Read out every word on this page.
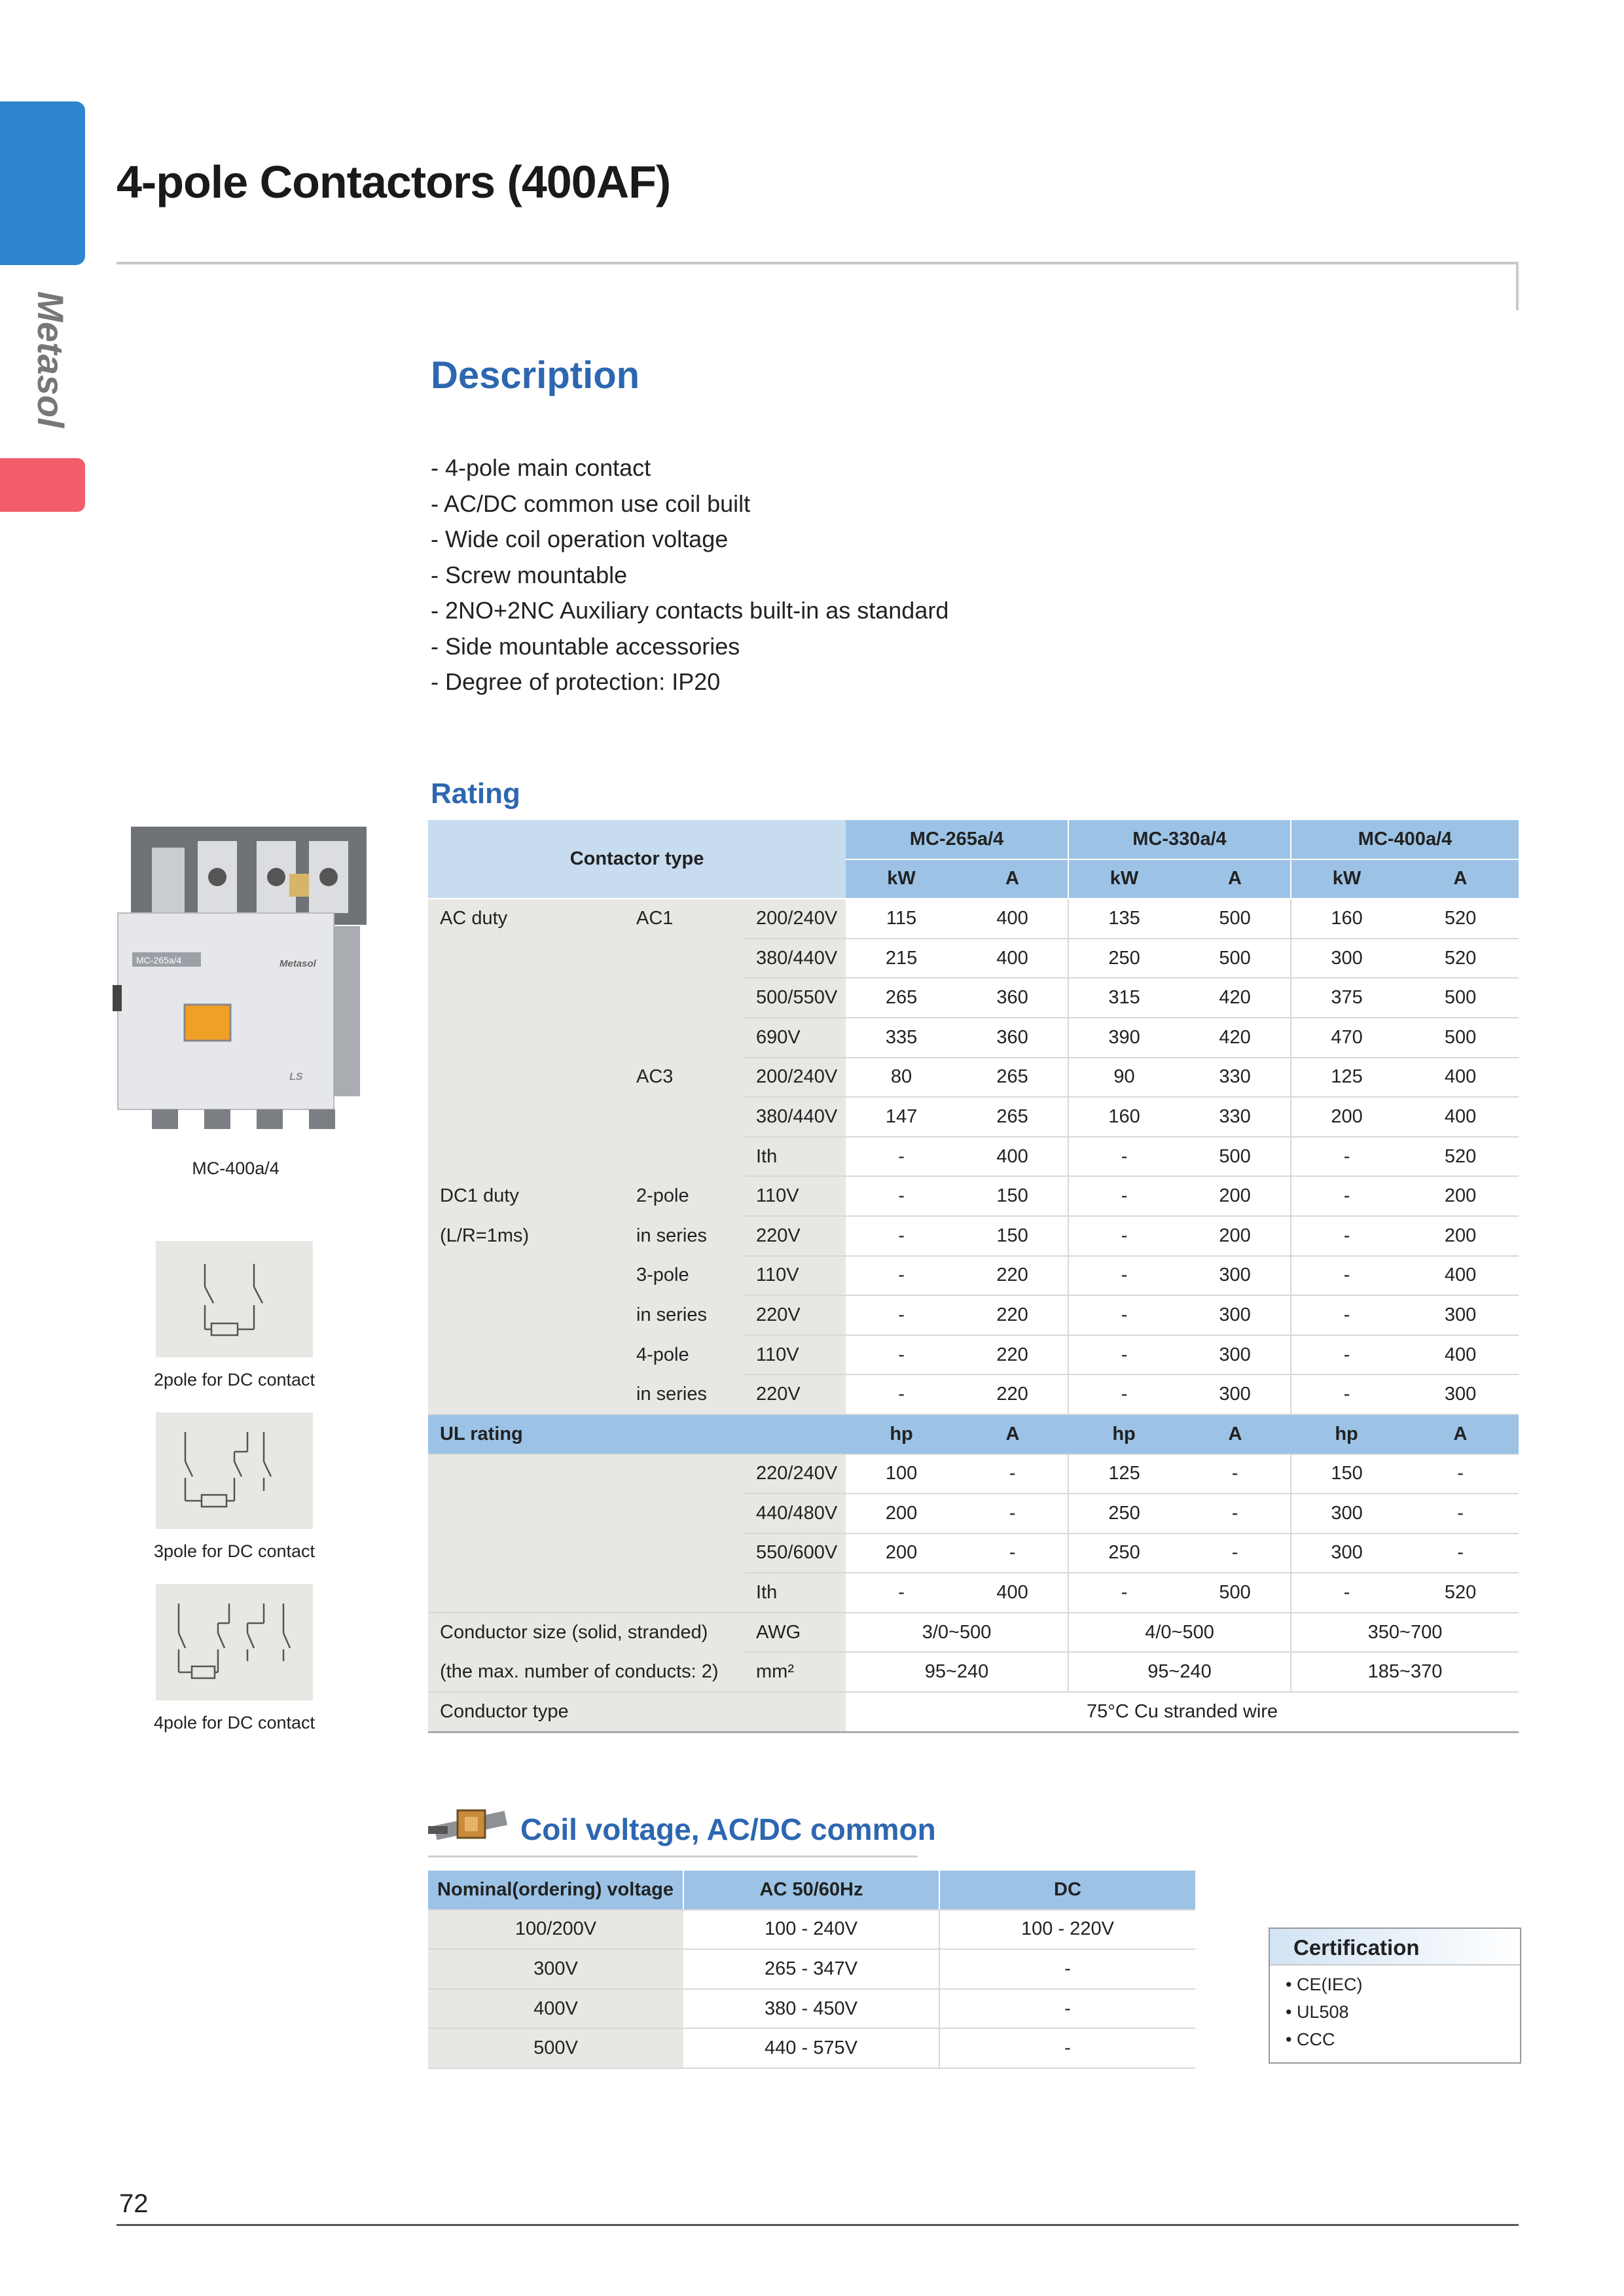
Metasol
4-pole Contactors (400AF)
Description
- 4-pole main contact
- AC/DC common use coil built
- Wide coil operation voltage
- Screw mountable
- 2NO+2NC Auxiliary contacts built-in as standard
- Side mountable accessories
- Degree of protection: IP20
MC-265a/4	Metasol
LS
MC-400a/4
2pole for DC contact
3pole for DC contact
4pole for DC contact
Rating
Contactor type			MC-265a/4		MC-330a/4		MC-400a/4	
			kW	A	kW	A	kW	A
AC duty	AC1	200/240V	115	400	135	500	160	520
		380/440V	215	400	250	500	300	520
		500/550V	265	360	315	420	375	500
		690V	335	360	390	420	470	500
	AC3	200/240V	80	265	90	330	125	400
		380/440V	147	265	160	330	200	400
		Ith	-	400	-	500	-	520
DC1 duty	2-pole	110V	-	150	-	200	-	200
(L/R=1ms)	in series	220V	-	150	-	200	-	200
	3-pole	110V	-	220	-	300	-	400
	in series	220V	-	220	-	300	-	300
	4-pole	110V	-	220	-	300	-	400
	in series	220V	-	220	-	300	-	300
UL rating			hp	A	hp	A	hp	A
		220/240V	100	-	125	-	150	-
		440/480V	200	-	250	-	300	-
		550/600V	200	-	250	-	300	-
		Ith	-	400	-	500	-	520
Conductor size (solid, stranded)		AWG	3/0~500		4/0~500		350~700	
(the max. number of conducts: 2)		mm²	95~240		95~240		185~370	
Conductor type			75°C Cu stranded wire					
Coil voltage, AC/DC common
Nominal(ordering) voltage	AC 50/60Hz	DC
100/200V	100 - 240V	100 - 220V
300V	265 - 347V	-
400V	380 - 450V	-
500V	440 - 575V	-
Certification
• CE(IEC)
• UL508
• CCC
72
